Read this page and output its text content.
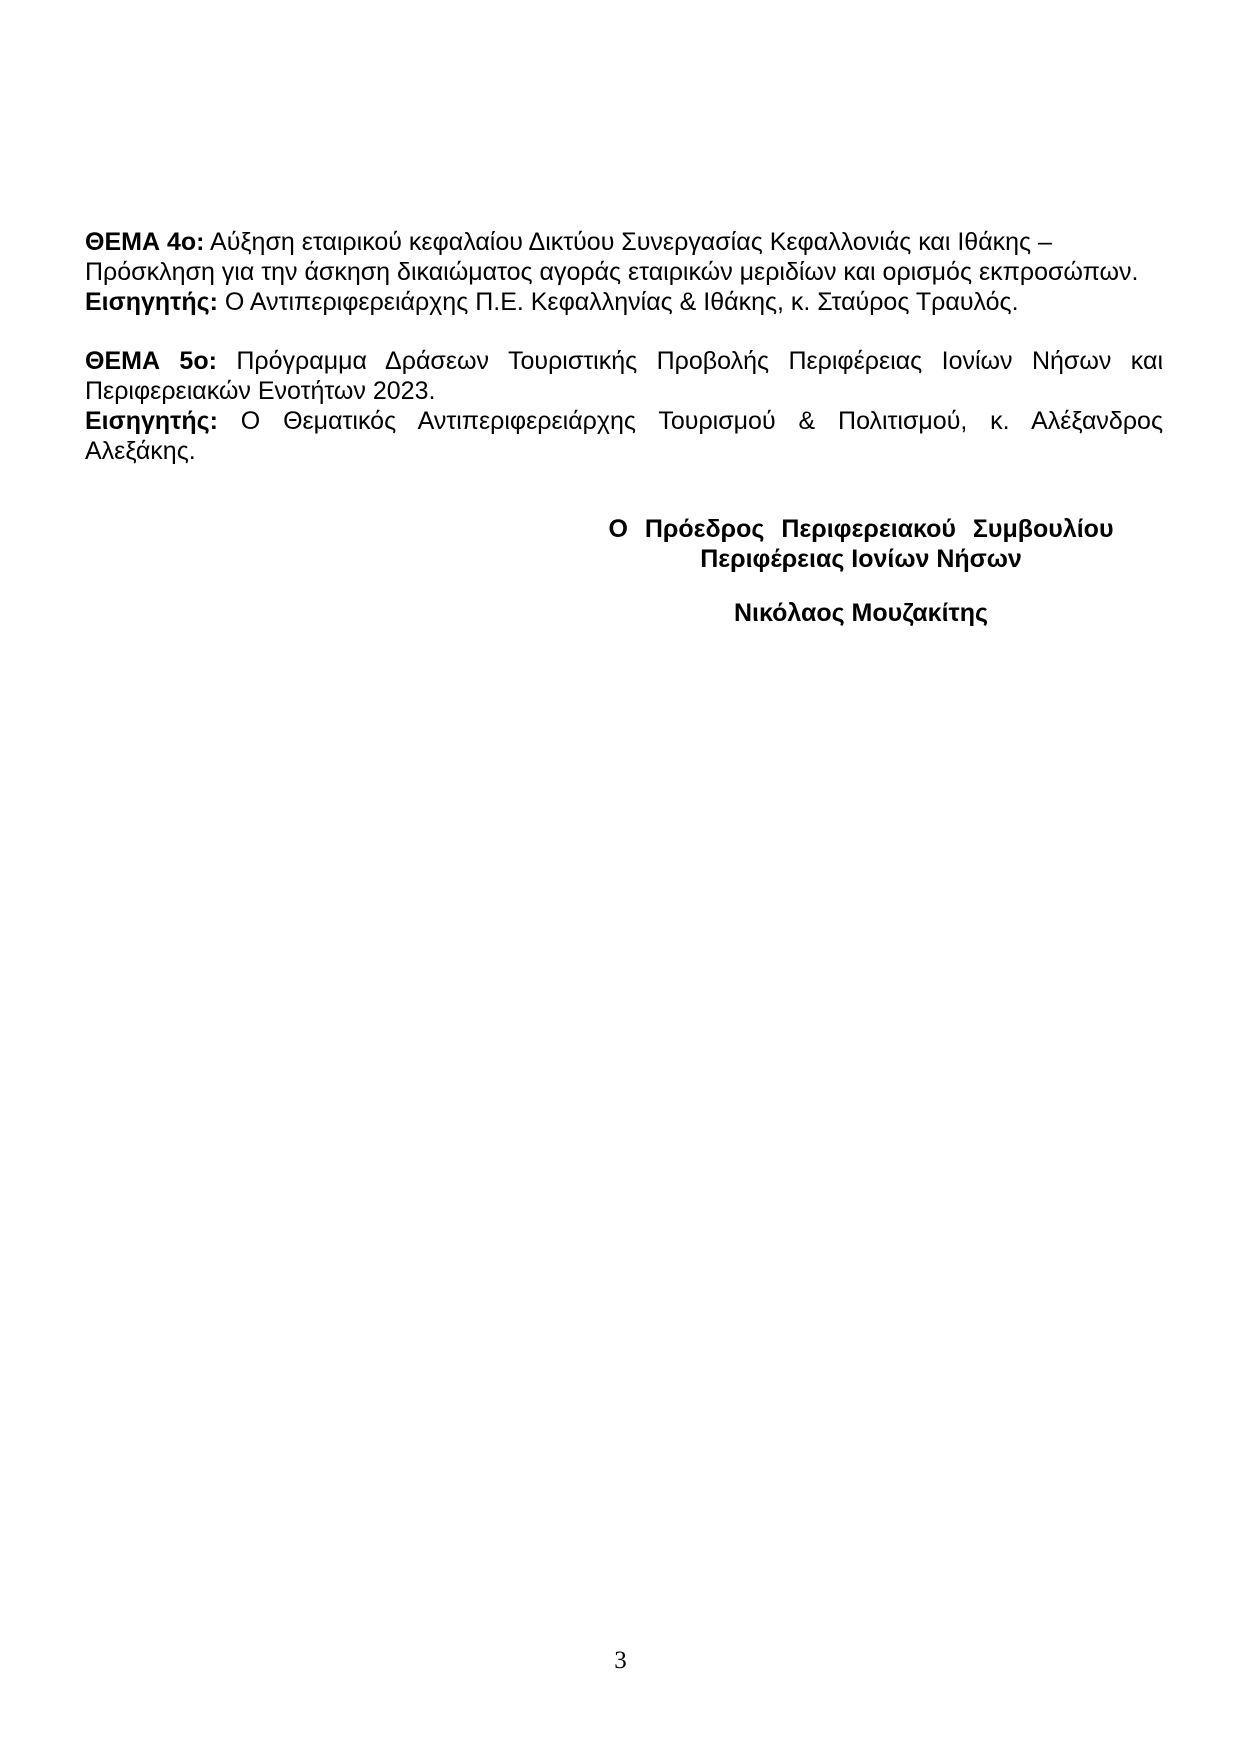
ΘΕΜΑ 4ο: Αύξηση εταιρικού κεφαλαίου Δικτύου Συνεργασίας Κεφαλλονιάς και Ιθάκης –
Πρόσκληση για την άσκηση δικαιώματος αγοράς εταιρικών μεριδίων και ορισμός εκπροσώπων.
Εισηγητής: Ο Αντιπεριφερειάρχης Π.Ε. Κεφαλληνίας & Ιθάκης, κ. Σταύρος Τραυλός.
ΘΕΜΑ 5ο: Πρόγραμμα Δράσεων Τουριστικής Προβολής Περιφέρειας Ιονίων Νήσων και
Περιφερειακών Ενοτήτων 2023.
Εισηγητής: Ο Θεματικός Αντιπεριφερειάρχης Τουρισμού & Πολιτισμού, κ. Αλέξανδρος
Αλεξάκης.
Ο Πρόεδρος Περιφερειακού Συμβουλίου
Περιφέρειας Ιονίων Νήσων
Νικόλαος Μουζακίτης
3
